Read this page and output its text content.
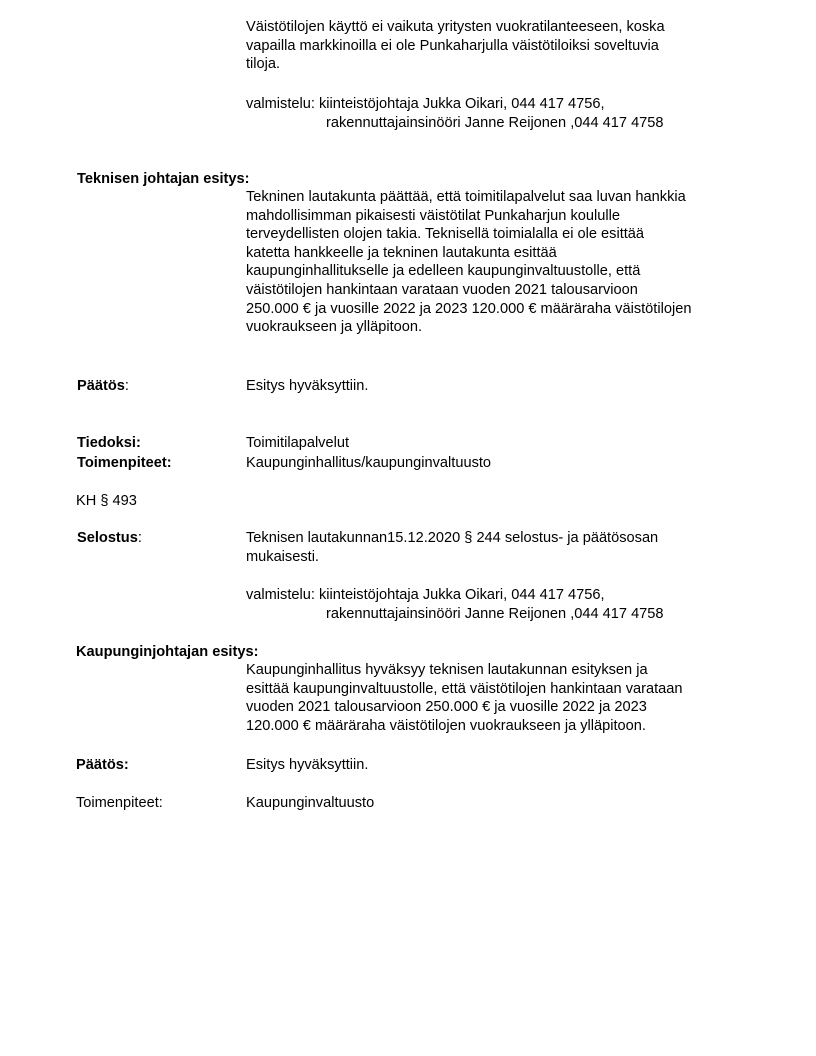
Väistötilojen käyttö ei vaikuta yritysten vuokratilanteeseen, koska
vapailla markkinoilla ei ole Punkaharjulla väistötiloiksi soveltuvia
tiloja.
valmistelu: kiinteistöjohtaja Jukka Oikari, 044 417 4756,
rakennuttajainsinööri Janne Reijonen ,044 417 4758
Teknisen johtajan esitys:
Tekninen lautakunta päättää, että toimitilapalvelut saa luvan hankkia
mahdollisimman pikaisesti väistötilat Punkaharjun koululle
terveydellisten olojen takia. Teknisellä toimialalla ei ole esittää
katetta hankkeelle ja tekninen lautakunta esittää
kaupunginhallitukselle ja edelleen kaupunginvaltuustolle, että
väistötilojen hankintaan varataan vuoden 2021 talousarvioon
250.000 € ja vuosille 2022 ja 2023 120.000 € määräraha väistötilojen
vuokraukseen ja ylläpitoon.
Päätös:	Esitys hyväksyttiin.
Tiedoksi:	Toimitilapalvelut
Toimenpiteet:	Kaupunginhallitus/kaupunginvaltuusto
KH § 493
Selostus:	Teknisen lautakunnan15.12.2020 § 244 selostus- ja päätösosan
mukaisesti.
valmistelu: kiinteistöjohtaja Jukka Oikari, 044 417 4756,
rakennuttajainsinööri Janne Reijonen ,044 417 4758
Kaupunginjohtajan esitys:
Kaupunginhallitus hyväksyy teknisen lautakunnan esityksen ja
esittää kaupunginvaltuustolle, että väistötilojen hankintaan varataan
vuoden 2021 talousarvioon 250.000 € ja vuosille 2022 ja 2023
120.000 € määräraha väistötilojen vuokraukseen ja ylläpitoon.
Päätös:	Esitys hyväksyttiin.
Toimenpiteet:	Kaupunginvaltuusto
